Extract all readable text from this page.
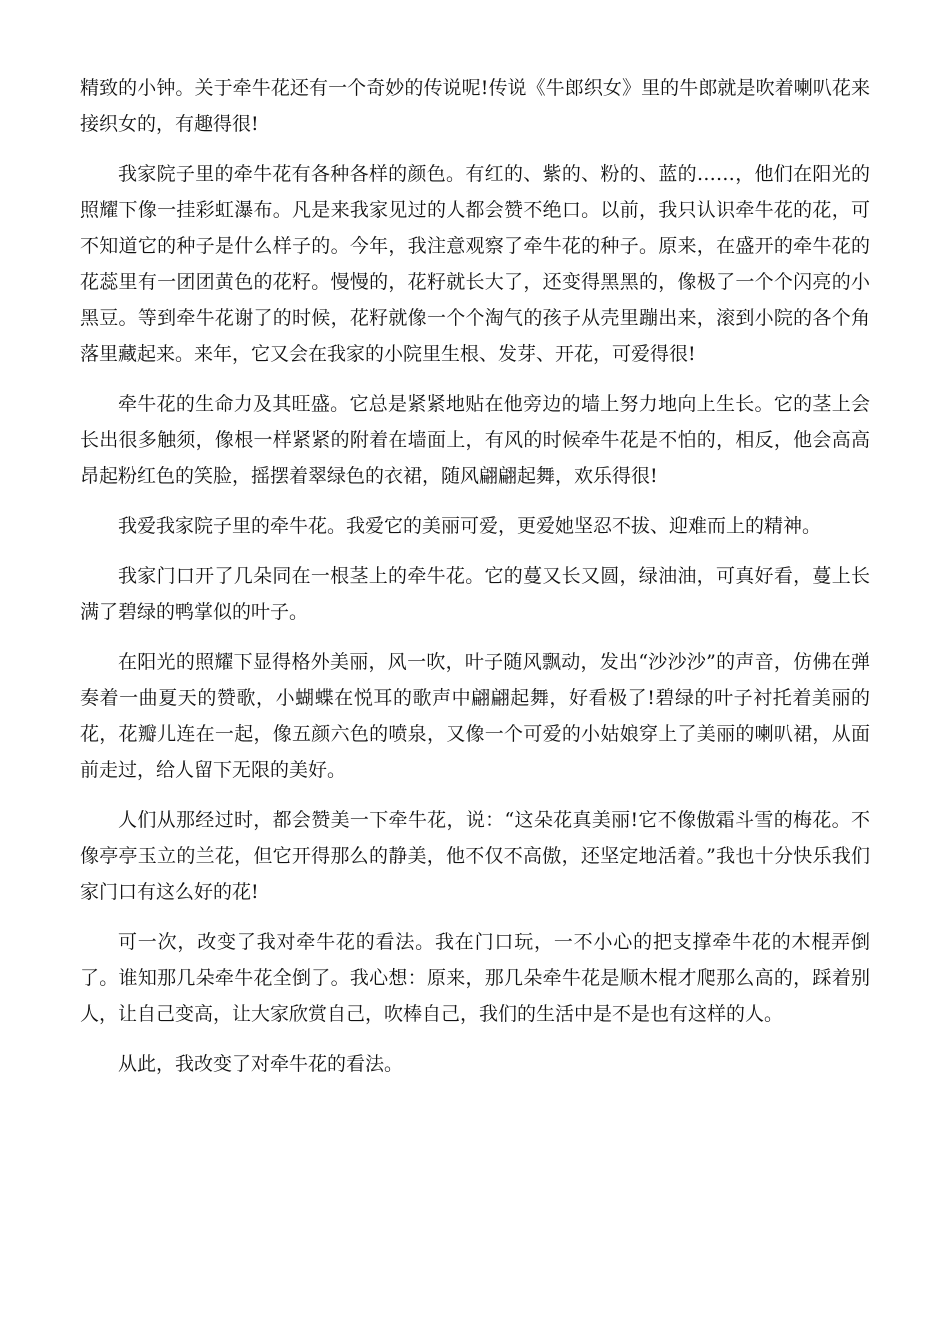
精致的小钟。关于牵牛花还有一个奇妙的传说呢!传说《牛郎织女》里的牛郎就是吹着喇叭花来接织女的，有趣得很!

我家院子里的牵牛花有各种各样的颜色。有红的、紫的、粉的、蓝的……，他们在阳光的照耀下像一挂彩虹瀑布。凡是来我家见过的人都会赞不绝口。以前，我只认识牵牛花的花，可不知道它的种子是什么样子的。今年，我注意观察了牵牛花的种子。原来，在盛开的牵牛花的花蕊里有一团团黄色的花籽。慢慢的，花籽就长大了，还变得黑黑的，像极了一个个闪亮的小黑豆。等到牵牛花谢了的时候，花籽就像一个个淘气的孩子从壳里蹦出来，滚到小院的各个角落里藏起来。来年，它又会在我家的小院里生根、发芽、开花，可爱得很!

牵牛花的生命力及其旺盛。它总是紧紧地贴在他旁边的墙上努力地向上生长。它的茎上会长出很多触须，像根一样紧紧的附着在墙面上，有风的时候牵牛花是不怕的，相反，他会高高昂起粉红色的笑脸，摇摆着翠绿色的衣裙，随风翩翩起舞，欢乐得很!

我爱我家院子里的牵牛花。我爱它的美丽可爱，更爱她坚忍不拔、迎难而上的精神。

我家门口开了几朵同在一根茎上的牵牛花。它的蔓又长又圆，绿油油，可真好看，蔓上长满了碧绿的鸭掌似的叶子。

在阳光的照耀下显得格外美丽，风一吹，叶子随风飘动，发出“沙沙沙”的声音，仿佛在弹奏着一曲夏天的赞歌，小蝴蝶在悦耳的歌声中翩翩起舞，好看极了!碧绿的叶子衬托着美丽的花，花瓣儿连在一起，像五颜六色的喷泉，又像一个可爱的小姑娘穿上了美丽的喇叭裙，从面前走过，给人留下无限的美好。

人们从那经过时，都会赞美一下牵牛花，说：“这朵花真美丽!它不像傲霜斗雪的梅花。不像亭亭玉立的兰花，但它开得那么的静美，他不仅不高傲，还坚定地活着。”我也十分快乐我们家门口有这么好的花!

可一次，改变了我对牵牛花的看法。我在门口玩，一不小心的把支撑牵牛花的木棍弄倒了。谁知那几朵牵牛花全倒了。我心想：原来，那几朵牵牛花是顺木棍才爬那么高的，踩着别人，让自己变高，让大家欣赏自己，吹棒自己，我们的生活中是不是也有这样的人。

从此，我改变了对牵牛花的看法。
